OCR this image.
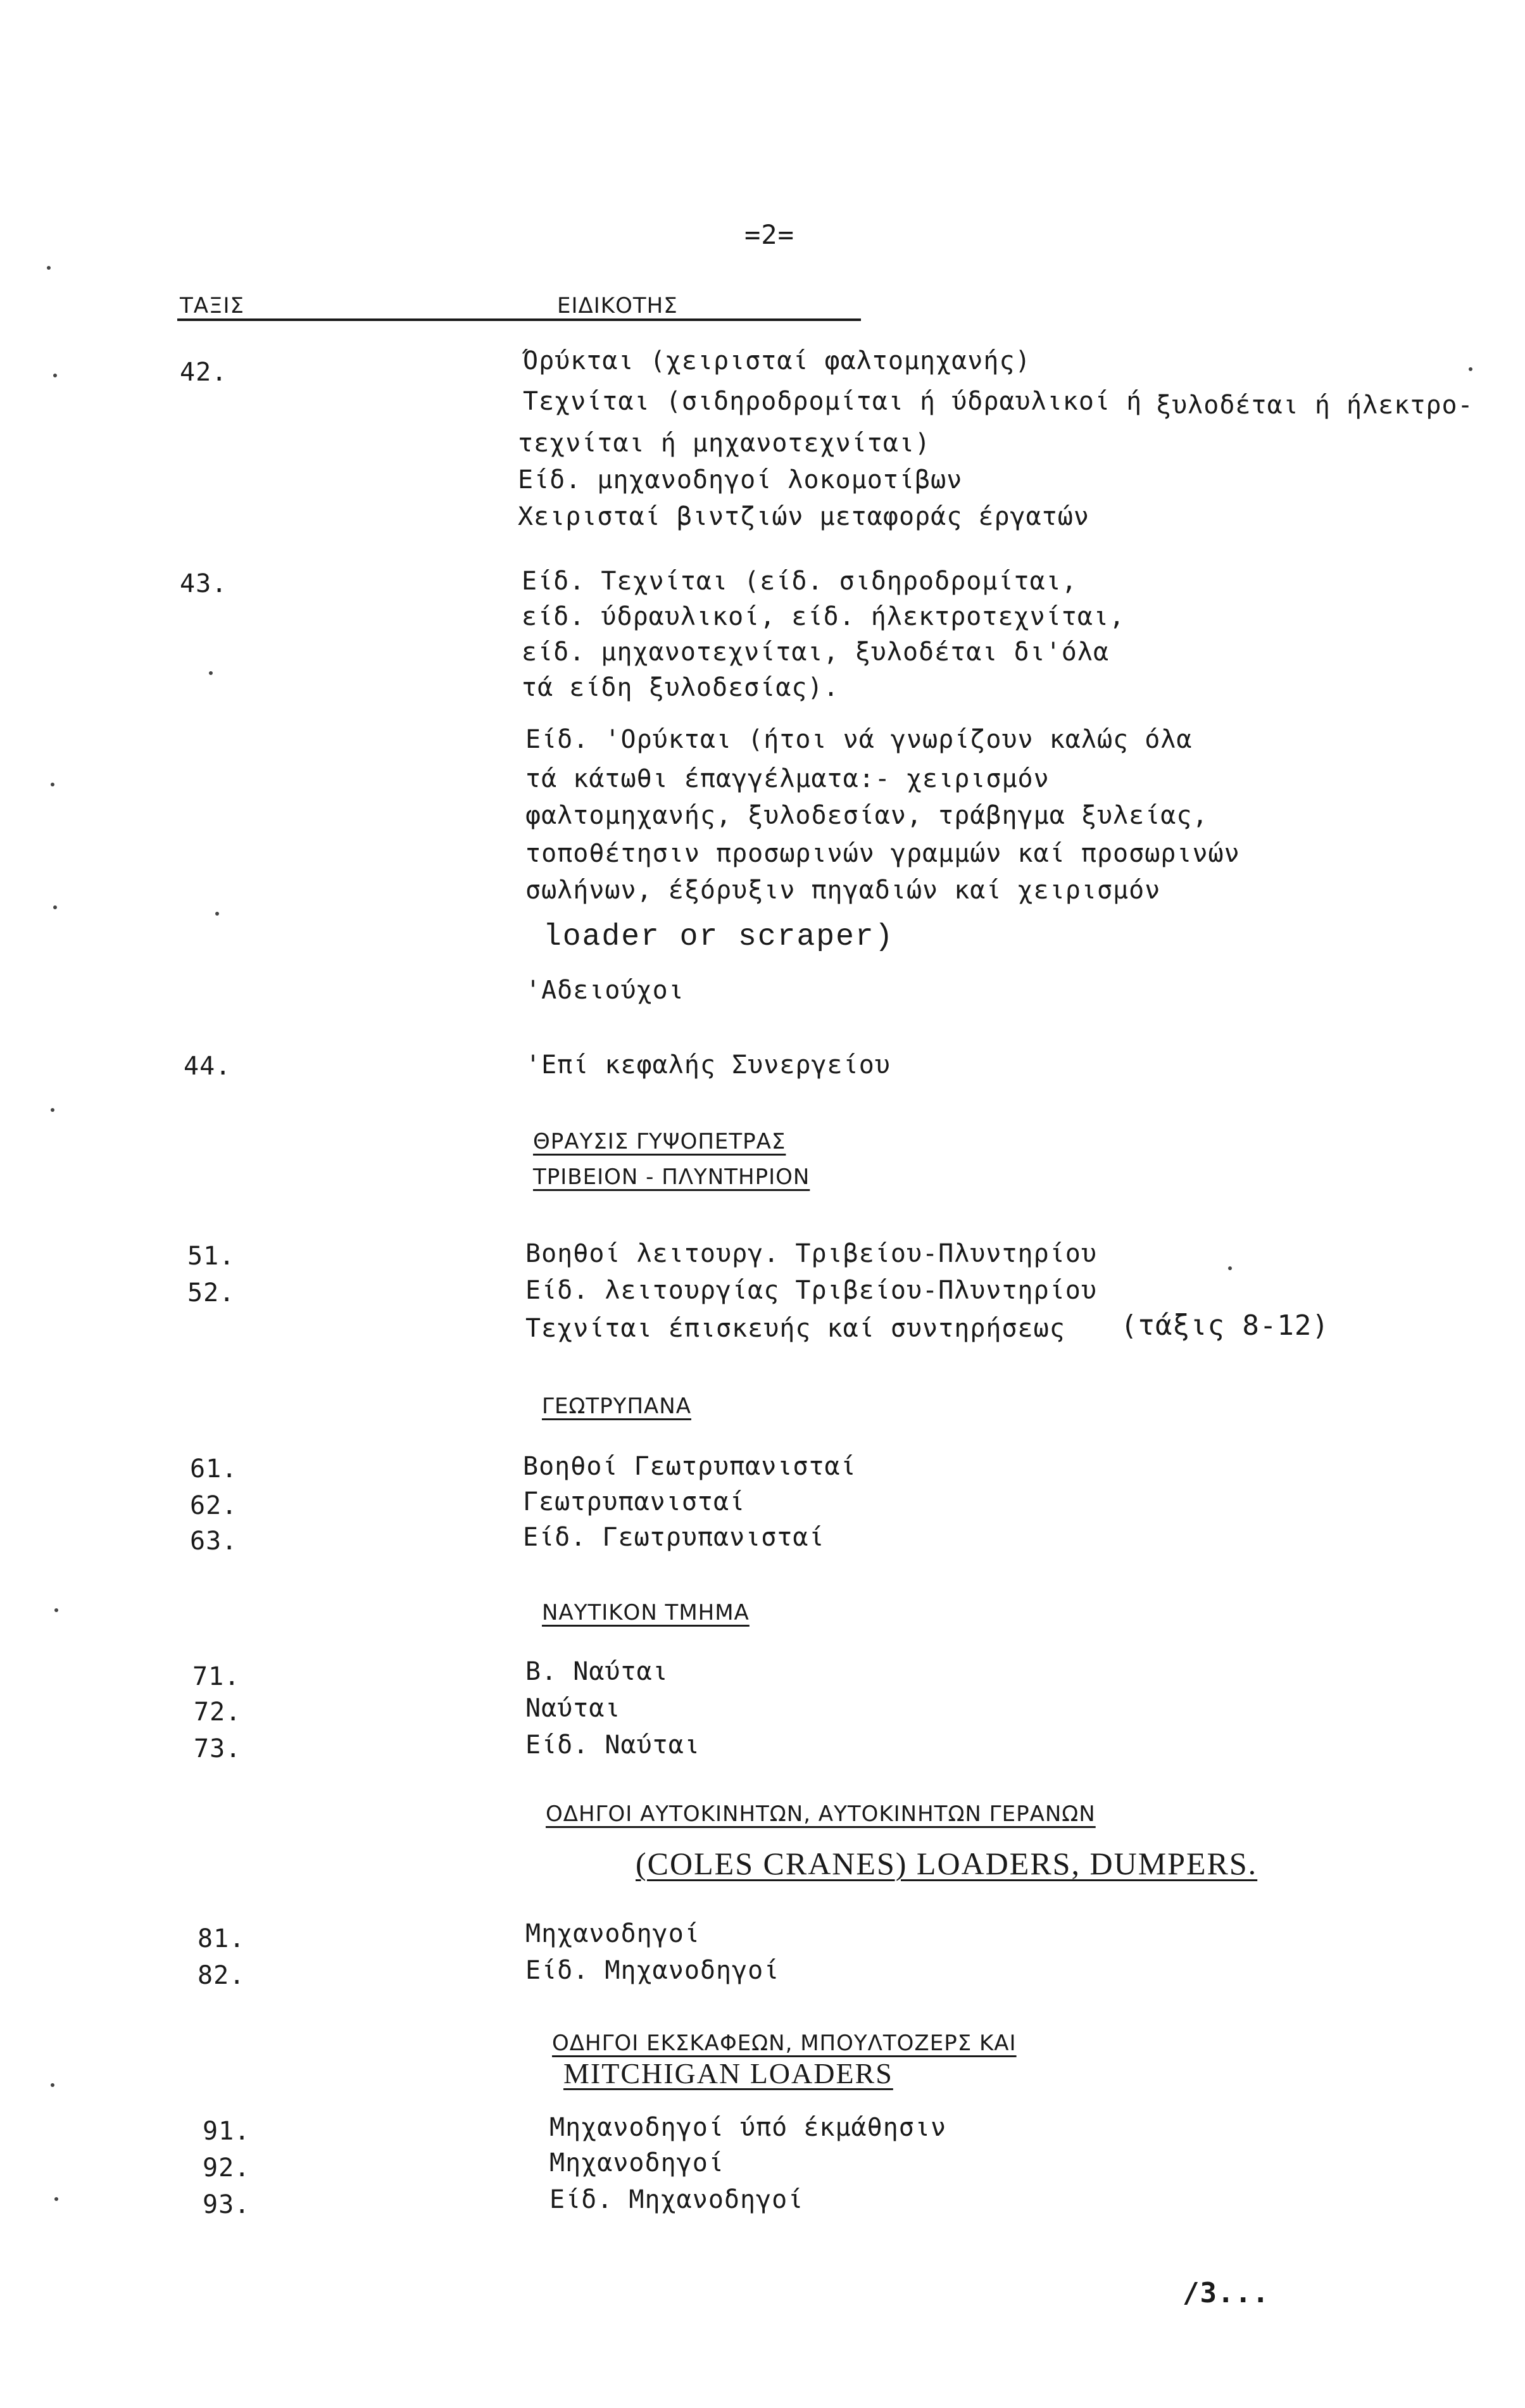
=2=
ΤΑΞΙΣ	ΕΙΔΙΚΟΤΗΣ
42.	Όρύκται (χειρισταί φαλτομηχανής)
Τεχνίται (σιδηροδρομίται ή ύδραυλικοί ή ξυλοδέται ή ήλεκτρο-
τεχνίται ή μηχανοτεχνίται)
Είδ. μηχανοδηγοί λοκομοτίβων
Χειρισταί βιντζιών μεταφοράς έργατών
43.	Είδ. Τεχνίται (είδ. σιδηροδρομίται,
είδ. ύδραυλικοί, είδ. ήλεκτροτεχνίται,
είδ. μηχανοτεχνίται, ξυλοδέται δι'όλα
τά είδη ξυλοδεσίας).
Είδ. 'Ορύκται (ήτοι νά γνωρίζουν καλώς όλα
τά κάτωθι έπαγγέλματα:- χειρισμόν
φαλτομηχανής, ξυλοδεσίαν, τράβηγμα ξυλείας,
τοποθέτησιν προσωρινών γραμμών καί προσωρινών
σωλήνων, έξόρυξιν πηγαδιών καί χειρισμόν
loader or scraper)
'Αδειούχοι
44.	'Επί κεφαλής Συνεργείου
ΘΡΑΥΣΙΣ ΓΥΨΟΠΕΤΡΑΣ
ΤΡΙΒΕΙΟΝ - ΠΛΥΝΤΗΡΙΟΝ
51.	Βοηθοί λειτουργ. Τριβείου-Πλυντηρίου
52.	Είδ. λειτουργίας Τριβείου-Πλυντηρίου
Τεχνίται έπισκευής καί συντηρήσεως (τάξις 8-12)
ΓΕΩΤΡΥΠΑΝΑ
61.	Βοηθοί Γεωτρυπανισταί
62.	Γεωτρυπανισταί
63.	Είδ. Γεωτρυπανισταί
ΝΑΥΤΙΚΟΝ ΤΜΗΜΑ
71.	Β. Ναύται
72.	Ναύται
73.	Είδ. Ναύται
ΟΔΗΓΟΙ ΑΥΤΟΚΙΝΗΤΩΝ, ΑΥΤΟΚΙΝΗΤΩΝ ΓΕΡΑΝΩΝ
(COLES CRANES) LOADERS, DUMPERS.
81.	Μηχανοδηγοί
82.	Είδ. Μηχανοδηγοί
ΟΔΗΓΟΙ ΕΚΣΚΑΦΕΩΝ, ΜΠΟΥΛΤΟΖΕΡΣ ΚΑΙ
MITCHIGAN LOADERS
91.	Μηχανοδηγοί ύπό έκμάθησιν
92.	Μηχανοδηγοί
93.	Είδ. Μηχανοδηγοί
/3...
